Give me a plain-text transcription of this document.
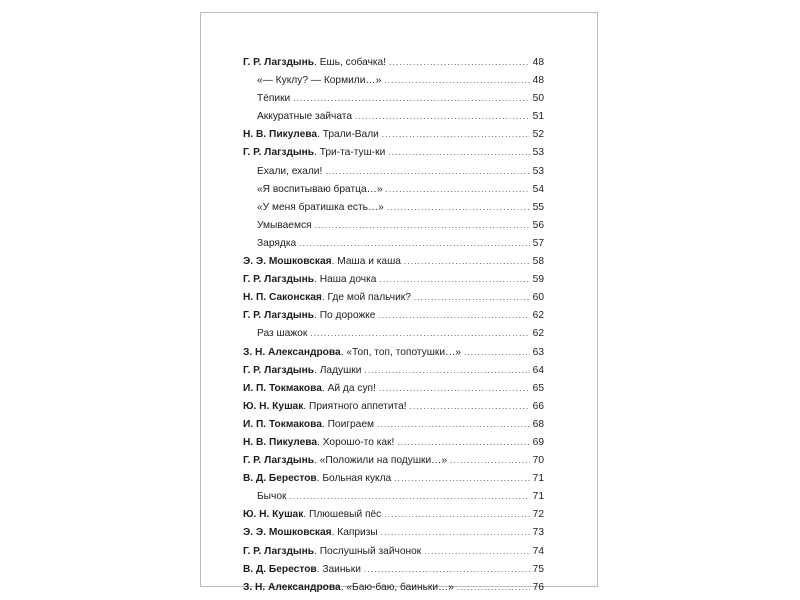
Г. Р. Лагздынь. Ешь, собачка! .....	48
«— Куклу? — Кормили…» .....	48
Тёпики .....	50
Аккуратные зайчата .....	51
Н. В. Пикулева. Трали-Вали .....	52
Г. Р. Лагздынь. Три-та-туш-ки .....	53
Ехали, ехали! .....	53
«Я воспитываю братца…» .....	54
«У меня братишка есть…» .....	55
Умываемся .....	56
Зарядка .....	57
Э. Э. Мошковская. Маша и каша .....	58
Г. Р. Лагздынь. Наша дочка .....	59
Н. П. Саконская. Где мой пальчик? .....	60
Г. Р. Лагздынь. По дорожке .....	62
Раз шажок .....	62
З. Н. Александрова. «Топ, топ, топотушки…» .....	63
Г. Р. Лагздынь. Ладушки .....	64
И. П. Токмакова. Ай да суп! .....	65
Ю. Н. Кушак. Приятного аппетита! .....	66
И. П. Токмакова. Поиграем .....	68
Н. В. Пикулева. Хорошо-то как! .....	69
Г. Р. Лагздынь. «Положили на подушки…» .....	70
В. Д. Берестов. Больная кукла .....	71
Бычок .....	71
Ю. Н. Кушак. Плюшевый пёс .....	72
Э. Э. Мошковская. Капризы .....	73
Г. Р. Лагздынь. Послушный зайчонок .....	74
В. Д. Берестов. Заиньки .....	75
З. Н. Александрова. «Баю-баю, баиньки…» .....	76
